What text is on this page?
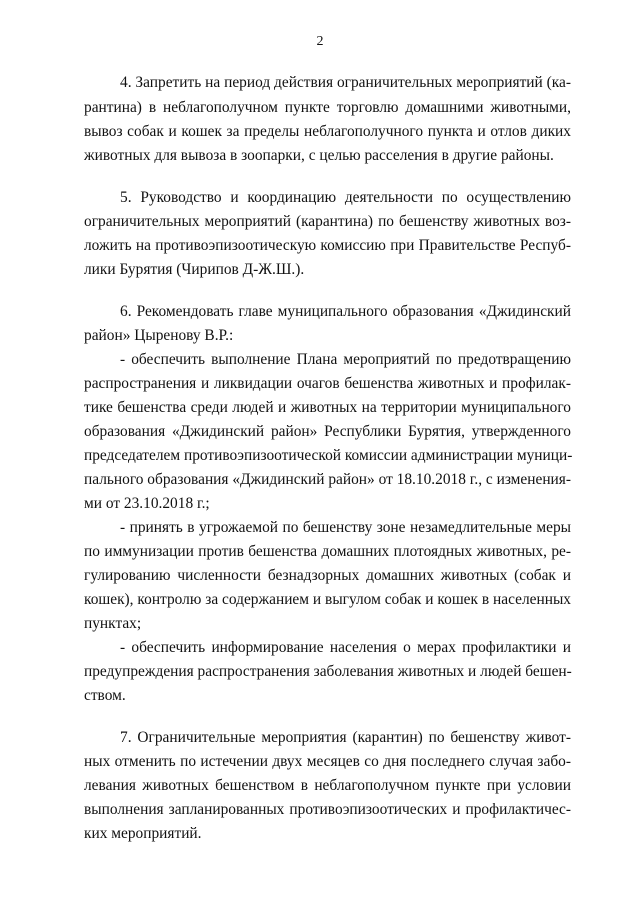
2
4. Запретить на период действия ограничительных мероприятий (ка-
рантина) в неблагополучном пункте торговлю домашними животными,
вывоз собак и кошек за пределы неблагополучного пункта и отлов диких
животных для вывоза в зоопарки, с целью расселения в другие районы.
5. Руководство и координацию деятельности по осуществлению
ограничительных мероприятий (карантина) по бешенству животных воз-
ложить на противоэпизоотическую комиссию при Правительстве Респуб-
лики Бурятия (Чирипов Д-Ж.Ш.).
6. Рекомендовать главе муниципального образования «Джидинский
район» Цыренову В.Р.:
- обеспечить выполнение Плана мероприятий по предотвращению
распространения и ликвидации очагов бешенства животных и профилак-
тике бешенства среди людей и животных на территории муниципального
образования «Джидинский район» Республики Бурятия, утвержденного
председателем противоэпизоотической комиссии администрации муници-
пального образования «Джидинский район» от 18.10.2018 г., с изменения-
ми от 23.10.2018 г.;
- принять в угрожаемой по бешенству зоне незамедлительные меры
по иммунизации против бешенства домашних плотоядных животных, ре-
гулированию численности безнадзорных домашних животных (собак и
кошек), контролю за содержанием и выгулом собак и кошек в населенных
пунктах;
- обеспечить информирование населения о мерах профилактики и
предупреждения распространения заболевания животных и людей бешен-
ством.
7. Ограничительные мероприятия (карантин) по бешенству живот-
ных отменить по истечении двух месяцев со дня последнего случая забо-
левания животных бешенством в неблагополучном пункте при условии
выполнения запланированных противоэпизоотических и профилактичес-
ких мероприятий.
